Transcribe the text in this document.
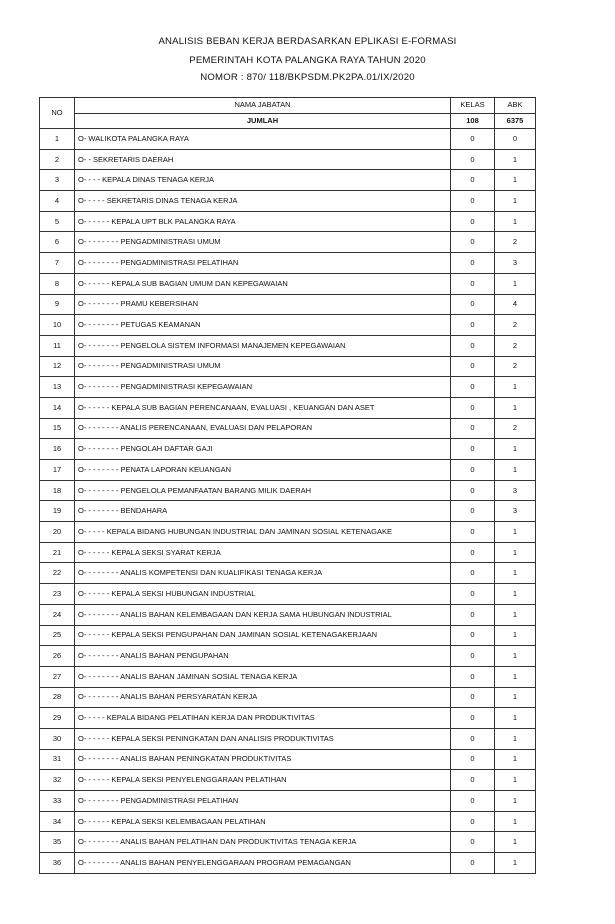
ANALISIS BEBAN KERJA BERDASARKAN EPLIKASI E-FORMASI
PEMERINTAH KOTA PALANGKA RAYA TAHUN 2020
NOMOR : 870/ 118/BKPSDM.PK2PA.01/IX/2020
NO	NAMA JABATAN	KELAS	ABK
	JUMLAH	108	6375
1	O- WALIKOTA PALANGKA RAYA	0	0
2	O- - SEKRETARIS DAERAH	0	1
3	O- - - - KEPALA DINAS TENAGA KERJA	0	1
4	O- - - - - SEKRETARIS DINAS TENAGA KERJA	0	1
5	O- - - - - - KEPALA UPT BLK PALANGKA RAYA	0	1
6	O- - - - - - - - PENGADMINISTRASI UMUM	0	2
7	O- - - - - - - - PENGADMINISTRASI PELATIHAN	0	3
8	O- - - - - - KEPALA SUB BAGIAN UMUM DAN KEPEGAWAIAN	0	1
9	O- - - - - - - - PRAMU KEBERSIHAN	0	4
10	O- - - - - - - - PETUGAS KEAMANAN	0	2
11	O- - - - - - - - PENGELOLA SISTEM INFORMASI MANAJEMEN KEPEGAWAIAN	0	2
12	O- - - - - - - - PENGADMINISTRASI UMUM	0	2
13	O- - - - - - - - PENGADMINISTRASI KEPEGAWAIAN	0	1
14	O- - - - - - KEPALA SUB BAGIAN PERENCANAAN, EVALUASI , KEUANGAN DAN ASET	0	1
15	O- - - - - - - - ANALIS PERENCANAAN, EVALUASI DAN PELAPORAN	0	2
16	O- - - - - - - - PENGOLAH DAFTAR GAJI	0	1
17	O- - - - - - - - PENATA LAPORAN KEUANGAN	0	1
18	O- - - - - - - - PENGELOLA PEMANFAATAN BARANG MILIK DAERAH	0	3
19	O- - - - - - - - BENDAHARA	0	3
20	O- - - - - KEPALA BIDANG HUBUNGAN INDUSTRIAL DAN JAMINAN SOSIAL KETENAGAKE	0	1
21	O- - - - - - KEPALA SEKSI SYARAT KERJA	0	1
22	O- - - - - - - - ANALIS KOMPETENSI DAN KUALIFIKASI TENAGA KERJA	0	1
23	O- - - - - - KEPALA SEKSI HUBUNGAN INDUSTRIAL	0	1
24	O- - - - - - - - ANALIS BAHAN KELEMBAGAAN DAN KERJA SAMA HUBUNGAN INDUSTRIAL	0	1
25	O- - - - - - KEPALA SEKSI PENGUPAHAN DAN JAMINAN SOSIAL KETENAGAKERJAAN	0	1
26	O- - - - - - - - ANALIS BAHAN PENGUPAHAN	0	1
27	O- - - - - - - - ANALIS BAHAN JAMINAN SOSIAL TENAGA KERJA	0	1
28	O- - - - - - - - ANALIS BAHAN PERSYARATAN KERJA	0	1
29	O- - - - - KEPALA BIDANG PELATIHAN KERJA DAN PRODUKTIVITAS	0	1
30	O- - - - - - KEPALA SEKSI PENINGKATAN DAN ANALISIS PRODUKTIVITAS	0	1
31	O- - - - - - - - ANALIS BAHAN PENINGKATAN PRODUKTIVITAS	0	1
32	O- - - - - - KEPALA SEKSI PENYELENGGARAAN PELATIHAN	0	1
33	O- - - - - - - - PENGADMINISTRASI PELATIHAN	0	1
34	O- - - - - - KEPALA SEKSI KELEMBAGAAN PELATIHAN	0	1
35	O- - - - - - - - ANALIS BAHAN PELATIHAN DAN PRODUKTIVITAS TENAGA KERJA	0	1
36	O- - - - - - - - ANALIS BAHAN PENYELENGGARAAN PROGRAM PEMAGANGAN	0	1
